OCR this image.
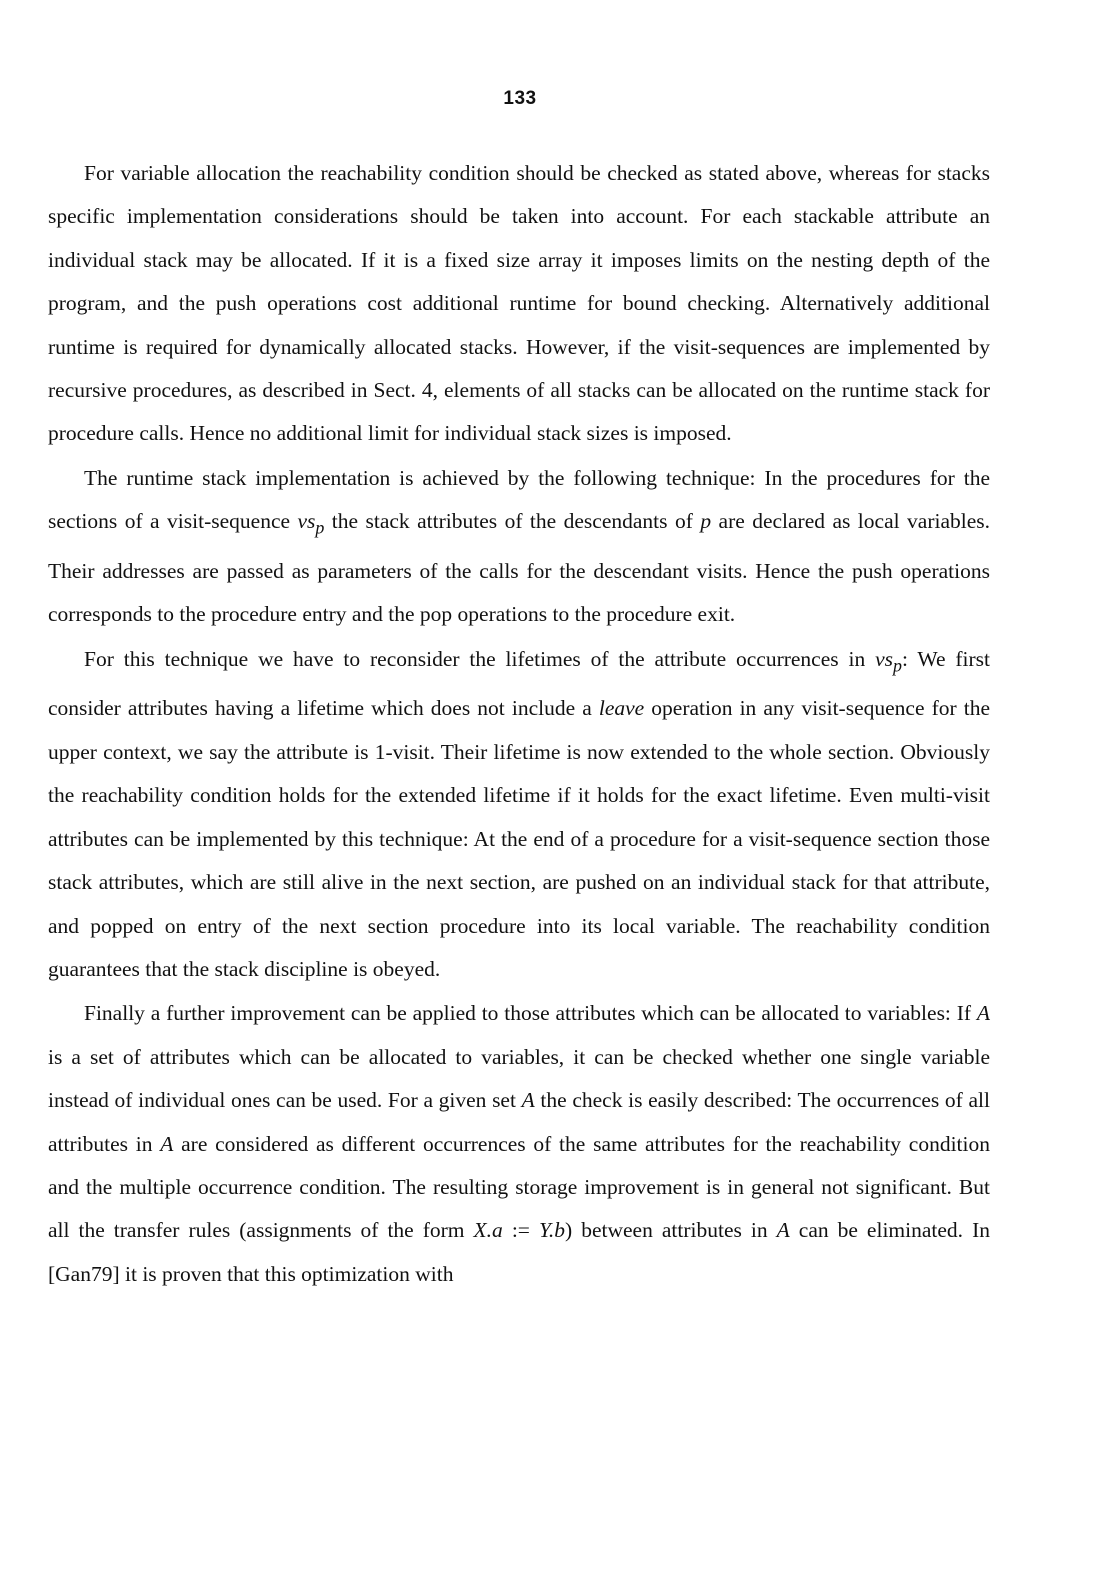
133

For variable allocation the reachability condition should be checked as stated above, whereas for stacks specific implementation considerations should be taken into account. For each stackable attribute an individual stack may be allocated. If it is a fixed size array it imposes limits on the nesting depth of the program, and the push operations cost additional runtime for bound checking. Alternatively additional runtime is required for dynamically allocated stacks. However, if the visit-sequences are implemented by recursive procedures, as described in Sect. 4, elements of all stacks can be allocated on the runtime stack for procedure calls. Hence no additional limit for individual stack sizes is imposed.

The runtime stack implementation is achieved by the following technique: In the procedures for the sections of a visit-sequence $vs_p$ the stack attributes of the descendants of p are declared as local variables. Their addresses are passed as parameters of the calls for the descendant visits. Hence the push operations corresponds to the procedure entry and the pop operations to the procedure exit.

For this technique we have to reconsider the lifetimes of the attribute occurrences in $vs_p$: We first consider attributes having a lifetime which does not include a leave operation in any visit-sequence for the upper context, we say the attribute is 1-visit. Their lifetime is now extended to the whole section. Obviously the reachability condition holds for the extended lifetime if it holds for the exact lifetime. Even multi-visit attributes can be implemented by this technique: At the end of a procedure for a visit-sequence section those stack attributes, which are still alive in the next section, are pushed on an individual stack for that attribute, and popped on entry of the next section procedure into its local variable. The reachability condition guarantees that the stack discipline is obeyed.

Finally a further improvement can be applied to those attributes which can be allocated to variables: If A is a set of attributes which can be allocated to variables, it can be checked whether one single variable instead of individual ones can be used. For a given set A the check is easily described: The occurrences of all attributes in A are considered as different occurrences of the same attributes for the reachability condition and the multiple occurrence condition. The resulting storage improvement is in general not significant. But all the transfer rules (assignments of the form X.a := Y.b) between attributes in A can be eliminated. In [Gan79] it is proven that this optimization with
